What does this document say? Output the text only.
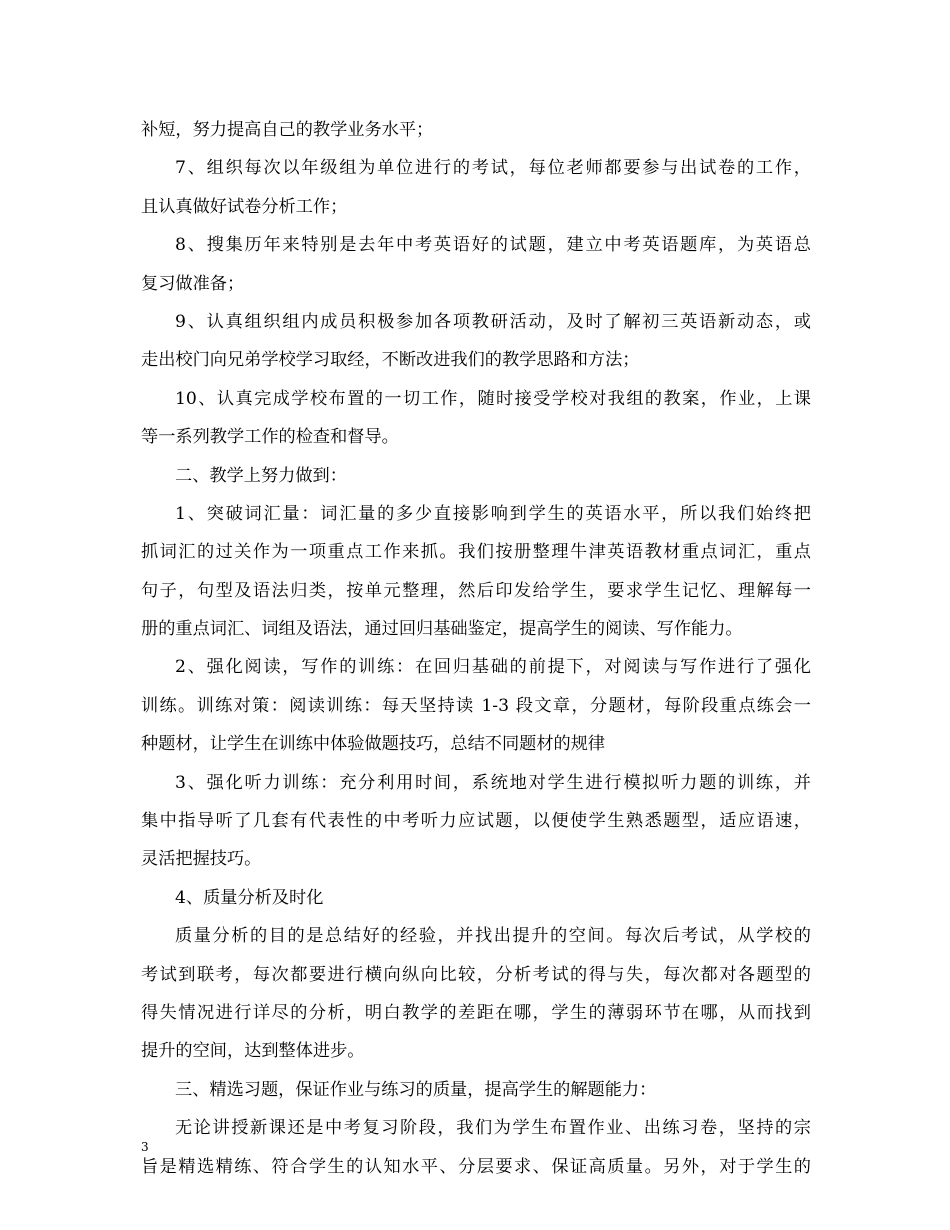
补短，努力提高自己的教学业务水平；
7、组织每次以年级组为单位进行的考试，每位老师都要参与出试卷的工作，
且认真做好试卷分析工作；
8、搜集历年来特别是去年中考英语好的试题，建立中考英语题库，为英语总
复习做准备；
9、认真组织组内成员积极参加各项教研活动，及时了解初三英语新动态，或
走出校门向兄弟学校学习取经，不断改进我们的教学思路和方法；
10、认真完成学校布置的一切工作，随时接受学校对我组的教案，作业，上课
等一系列教学工作的检查和督导。
二、教学上努力做到：
1、突破词汇量：词汇量的多少直接影响到学生的英语水平，所以我们始终把
抓词汇的过关作为一项重点工作来抓。我们按册整理牛津英语教材重点词汇，重点
句子，句型及语法归类，按单元整理，然后印发给学生，要求学生记忆、理解每一
册的重点词汇、词组及语法，通过回归基础鉴定，提高学生的阅读、写作能力。
2、强化阅读，写作的训练：在回归基础的前提下，对阅读与写作进行了强化
训练。训练对策：阅读训练：每天坚持读 1-3 段文章，分题材，每阶段重点练会一
种题材，让学生在训练中体验做题技巧，总结不同题材的规律
3、强化听力训练：充分利用时间，系统地对学生进行模拟听力题的训练，并
集中指导听了几套有代表性的中考听力应试题，以便使学生熟悉题型，适应语速，
灵活把握技巧。
4、质量分析及时化
质量分析的目的是总结好的经验，并找出提升的空间。每次后考试，从学校的
考试到联考，每次都要进行横向纵向比较，分析考试的得与失，每次都对各题型的
得失情况进行详尽的分析，明白教学的差距在哪，学生的薄弱环节在哪，从而找到
提升的空间，达到整体进步。
三、精选习题，保证作业与练习的质量，提高学生的解题能力：
无论讲授新课还是中考复习阶段，我们为学生布置作业、出练习卷，坚持的宗
旨是精选精练、符合学生的认知水平、分层要求、保证高质量。另外，对于学生的
3
